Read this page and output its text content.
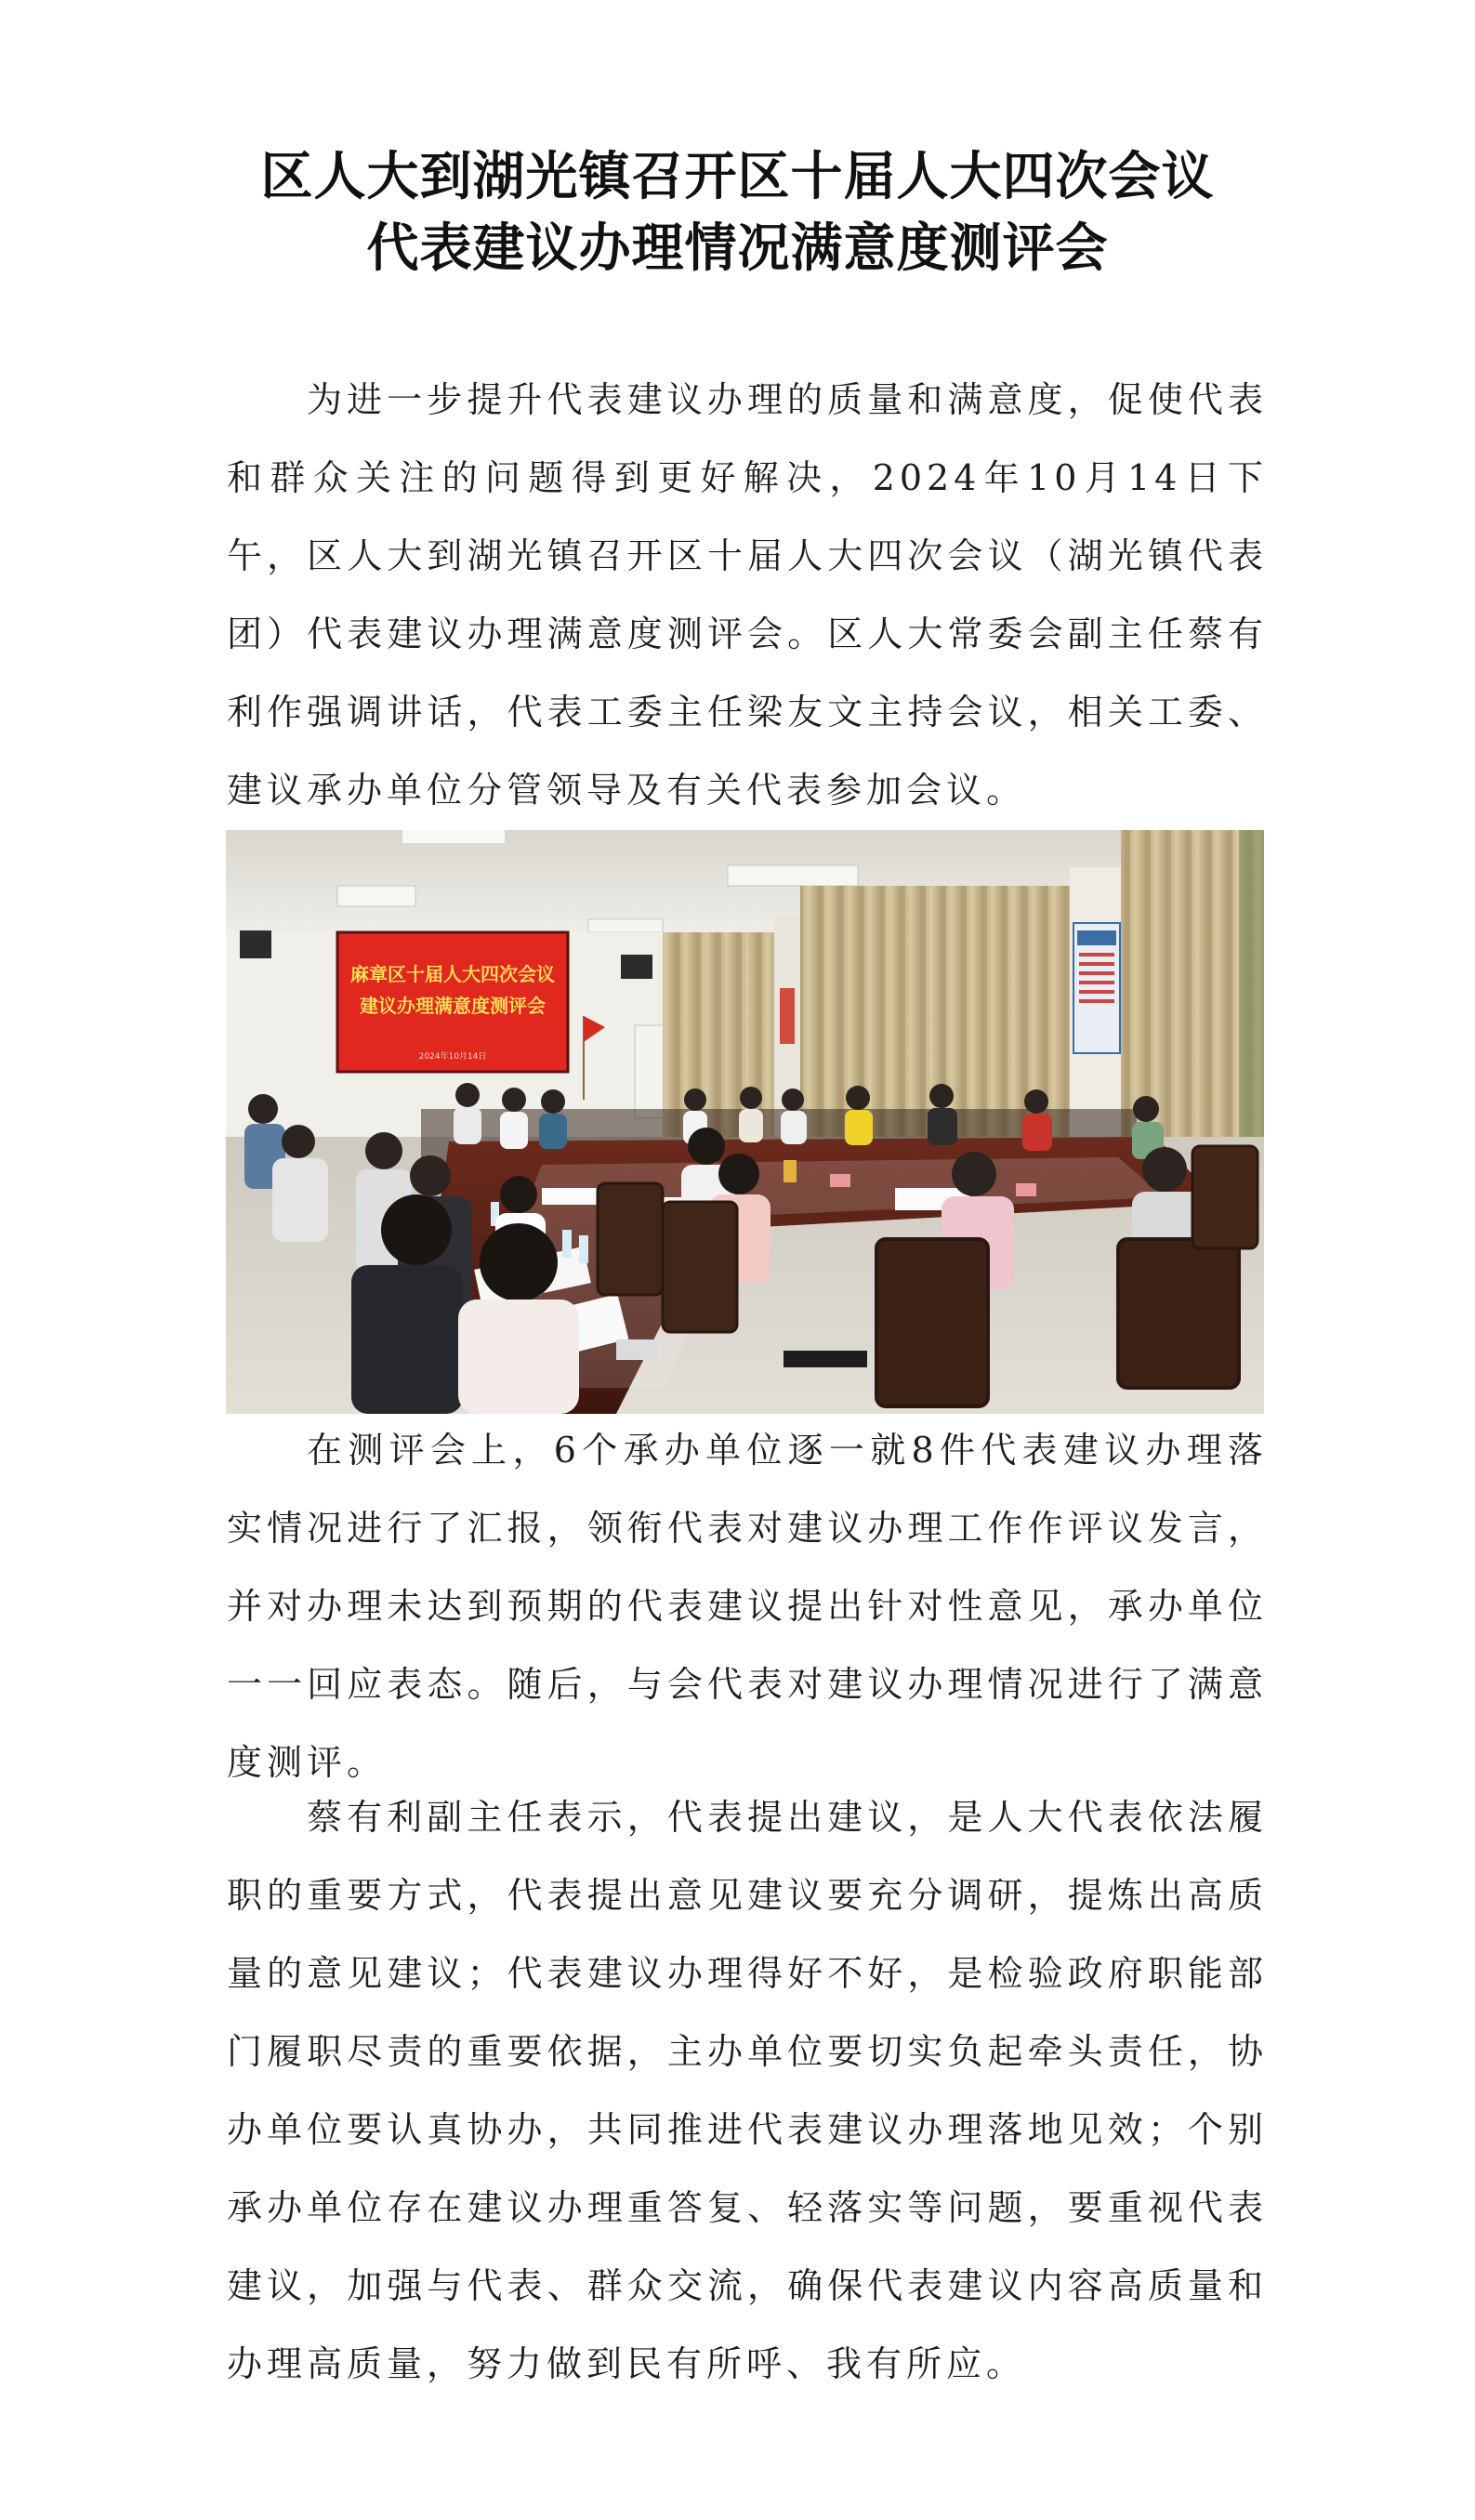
区人大到湖光镇召开区十届人大四次会议
代表建议办理情况满意度测评会

为进一步提升代表建议办理的质量和满意度，促使代表和群众关注的问题得到更好解决，2024年10月14日下午，区人大到湖光镇召开区十届人大四次会议（湖光镇代表团）代表建议办理满意度测评会。区人大常委会副主任蔡有利作强调讲话，代表工委主任梁友文主持会议，相关工委、建议承办单位分管领导及有关代表参加会议。

麻章区十届人大四次会议
建议办理满意度测评会
2024年10月14日

在测评会上，6个承办单位逐一就8件代表建议办理落实情况进行了汇报，领衔代表对建议办理工作作评议发言，并对办理未达到预期的代表建议提出针对性意见，承办单位一一回应表态。随后，与会代表对建议办理情况进行了满意度测评。

蔡有利副主任表示，代表提出建议，是人大代表依法履职的重要方式，代表提出意见建议要充分调研，提炼出高质量的意见建议；代表建议办理得好不好，是检验政府职能部门履职尽责的重要依据，主办单位要切实负起牵头责任，协办单位要认真协办，共同推进代表建议办理落地见效；个别承办单位存在建议办理重答复、轻落实等问题，要重视代表建议，加强与代表、群众交流，确保代表建议内容高质量和办理高质量，努力做到民有所呼、我有所应。
